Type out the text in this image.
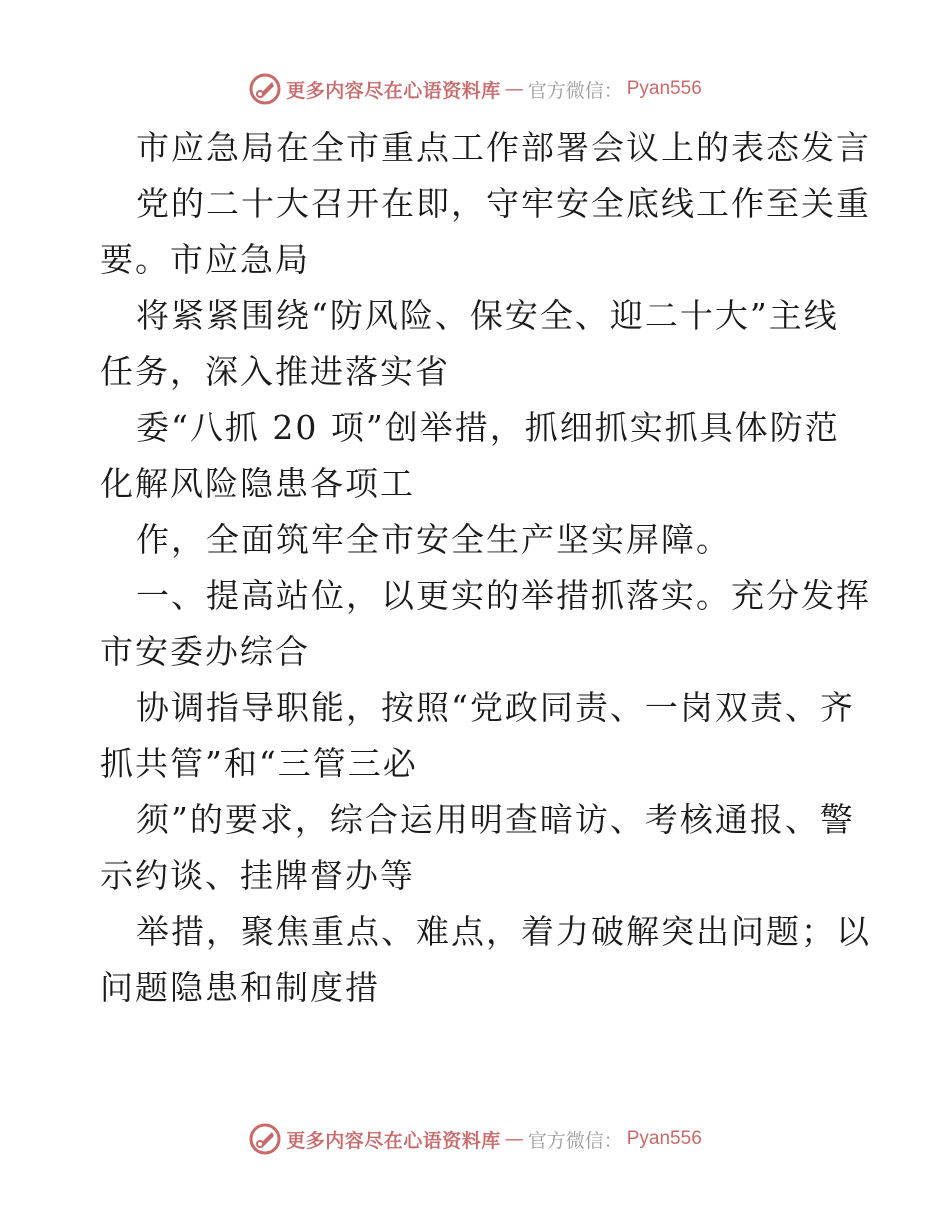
更多内容尽在心语资料库 — 官方微信： Pyan556
市应急局在全市重点工作部署会议上的表态发言
党的二十大召开在即，守牢安全底线工作至关重
要。市应急局
将紧紧围绕“防风险、保安全、迎二十大”主线
任务，深入推进落实省
委“八抓 20 项”创举措，抓细抓实抓具体防范
化解风险隐患各项工
作，全面筑牢全市安全生产坚实屏障。
一、提高站位，以更实的举措抓落实。充分发挥
市安委办综合
协调指导职能，按照“党政同责、一岗双责、齐
抓共管”和“三管三必
须”的要求，综合运用明查暗访、考核通报、警
示约谈、挂牌督办等
举措，聚焦重点、难点，着力破解突出问题；以
问题隐患和制度措
更多内容尽在心语资料库 — 官方微信： Pyan556
